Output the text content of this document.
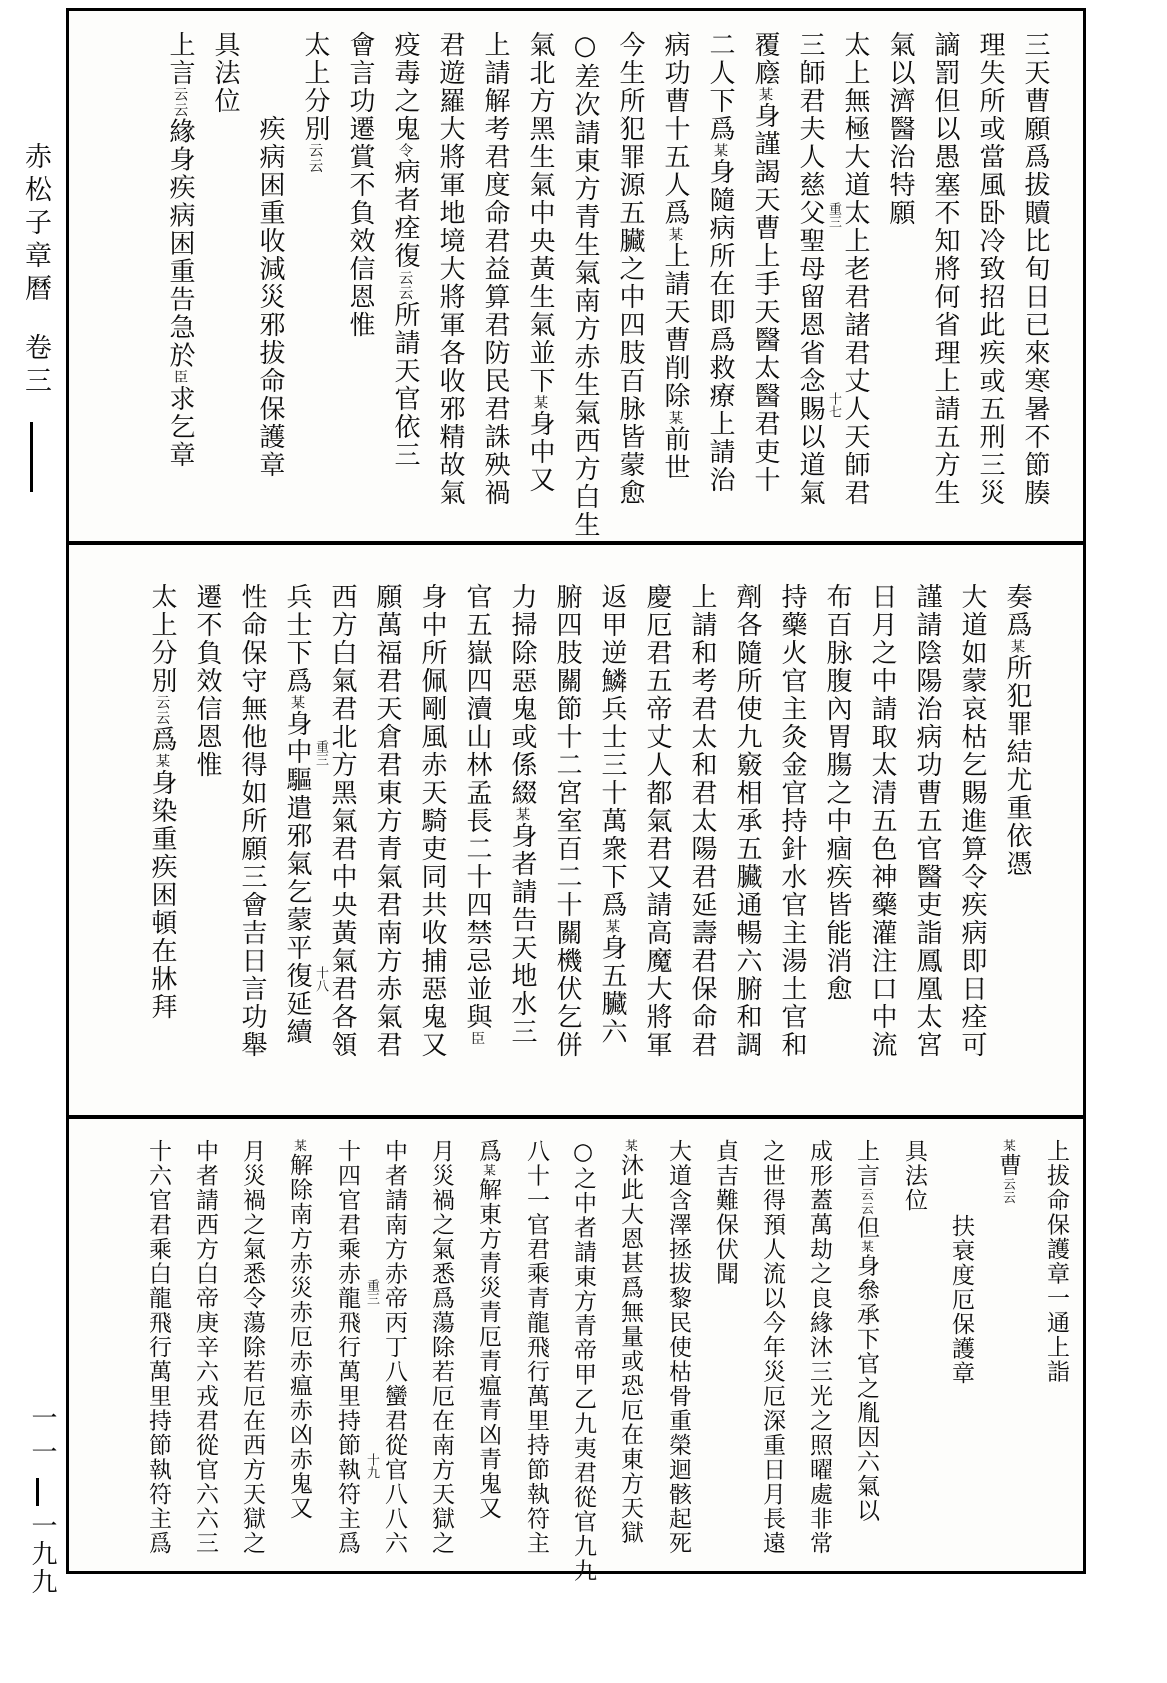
赤松子章曆卷三
一一
一九九
三天曹願爲拔贖比旬日已來寒暑不節腠
理失所或當風卧冷致招此疾或五刑三災
謫罰但以愚塞不知將何省理上請五方生
氣以濟醫治特願
太上無極大道太上老君諸君丈人天師君
重三
十七
三師君夫人慈父聖母留恩省念賜以道氣
覆廕某身謹謁天曹上手天醫太醫君吏十
二人下爲某身隨病所在即爲救療上請治
病功曹十五人爲某上請天曹削除某前世
今生所犯罪源五臟之中四肢百脉皆蒙愈
○差次請東方青生氣南方赤生氣西方白生
氣北方黑生氣中央黃生氣並下某身中又
上請解考君度命君益算君防民君誅殃禍
君遊羅大將軍地境大將軍各收邪精故氣
疫毒之鬼令病者痊復云云所請天官依三
會言功遷賞不負效信恩惟
太上分別云云
疾病困重收減災邪拔命保護章
具法位
上言云云緣身疾病困重告急於臣求乞章
奏爲某所犯罪結尤重依憑
大道如蒙哀枯乞賜進算令疾病即日痊可
謹請陰陽治病功曹五官醫吏詣鳳凰太宮
日月之中請取太清五色神藥灌注口中流
布百脉腹內胃膓之中痼疾皆能消愈
持藥火官主灸金官持針水官主湯土官和
劑各隨所使九竅相承五臟通暢六腑和調
上請和考君太和君太陽君延壽君保命君
慶厄君五帝丈人都氣君又請高魔大將軍
返甲逆鱗兵士三十萬衆下爲某身五臟六
腑四肢關節十二宮室百二十關機伏乞併
力掃除惡鬼或係綴某身者請告天地水三
官五嶽四瀆山林孟長二十四禁忌並與臣
身中所佩剛風赤天騎吏同共收捕惡鬼又
願萬福君天倉君東方青氣君南方赤氣君
西方白氣君北方黑氣君中央黃氣君各領
重三
十八
兵士下爲某身中驅遣邪氣乞蒙平復延續
性命保守無他得如所願三會吉日言功舉
遷不負效信恩惟
太上分別云云爲某身染重疾困頓在牀拜
上拔命保護章一通上詣
某曹云云
扶衰度厄保護章
具法位
上言云云但某身叅承下官之胤因六氣以
成形蓋萬劫之良緣沐三光之照曜處非常
之世得預人流以今年災厄深重日月長遠
貞吉難保伏聞
大道含澤拯拔黎民使枯骨重榮迴骸起死
某沐此大恩甚爲無量或恐厄在東方天獄
○之中者請東方青帝甲乙九夷君從官九九
八十一官君乘青龍飛行萬里持節執符主
爲某解東方青災青厄青瘟青凶青鬼又
月災禍之氣悉爲蕩除若厄在南方天獄之
中者請南方赤帝丙丁八蠻君從官八八六
重三
十九
十四官君乘赤龍飛行萬里持節執符主爲
某解除南方赤災赤厄赤瘟赤凶赤鬼又
月災禍之氣悉令蕩除若厄在西方天獄之
中者請西方白帝庚辛六戎君從官六六三
十六官君乘白龍飛行萬里持節執符主爲
